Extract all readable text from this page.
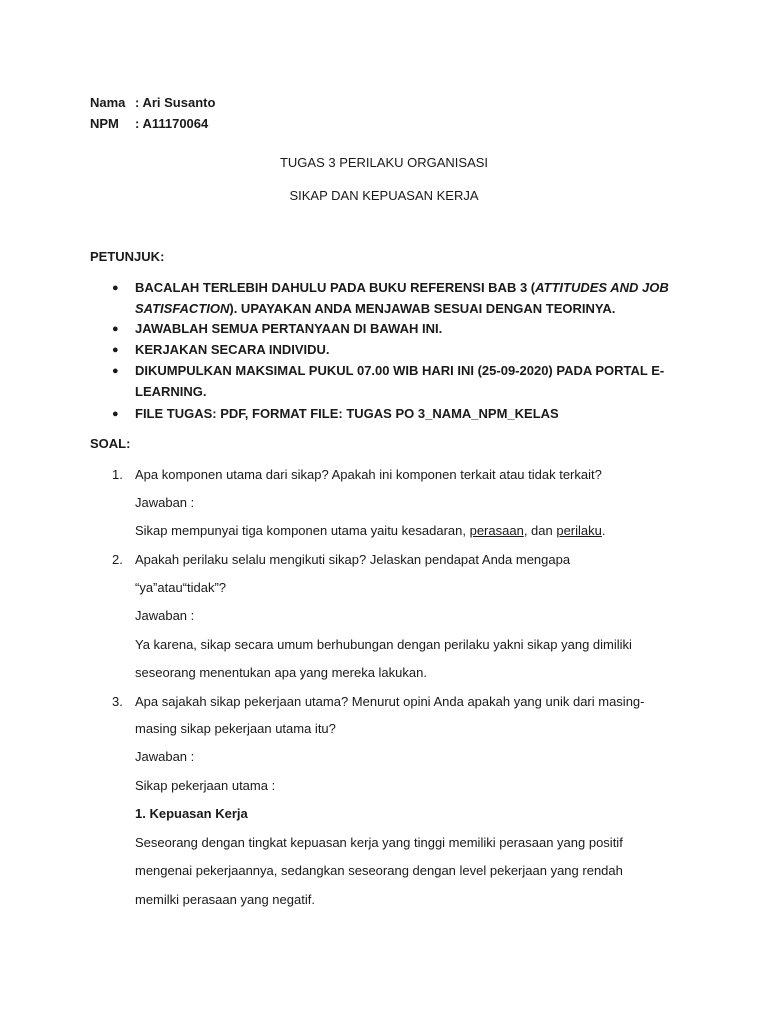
Nama : Ari Susanto
NPM : A11170064
TUGAS 3 PERILAKU ORGANISASI
SIKAP DAN KEPUASAN KERJA
PETUNJUK:
● BACALAH TERLEBIH DAHULU PADA BUKU REFERENSI BAB 3 (ATTITUDES AND JOB
SATISFACTION). UPAYAKAN ANDA MENJAWAB SESUAI DENGAN TEORINYA.
● JAWABLAH SEMUA PERTANYAAN DI BAWAH INI.
● KERJAKAN SECARA INDIVIDU.
● DIKUMPULKAN MAKSIMAL PUKUL 07.00 WIB HARI INI (25-09-2020) PADA PORTAL E-
LEARNING.
● FILE TUGAS: PDF, FORMAT FILE: TUGAS PO 3_NAMA_NPM_KELAS
SOAL:
1. Apa komponen utama dari sikap? Apakah ini komponen terkait atau tidak terkait?
Jawaban :
Sikap mempunyai tiga komponen utama yaitu kesadaran, perasaan, dan perilaku.
2. Apakah perilaku selalu mengikuti sikap? Jelaskan pendapat Anda mengapa
“ya”atau“tidak”?
Jawaban :
Ya karena, sikap secara umum berhubungan dengan perilaku yakni sikap yang dimiliki
seseorang menentukan apa yang mereka lakukan.
3. Apa sajakah sikap pekerjaan utama? Menurut opini Anda apakah yang unik dari masing-
masing sikap pekerjaan utama itu?
Jawaban :
Sikap pekerjaan utama :
1. Kepuasan Kerja
Seseorang dengan tingkat kepuasan kerja yang tinggi memiliki perasaan yang positif
mengenai pekerjaannya, sedangkan seseorang dengan level pekerjaan yang rendah
memilki perasaan yang negatif.
